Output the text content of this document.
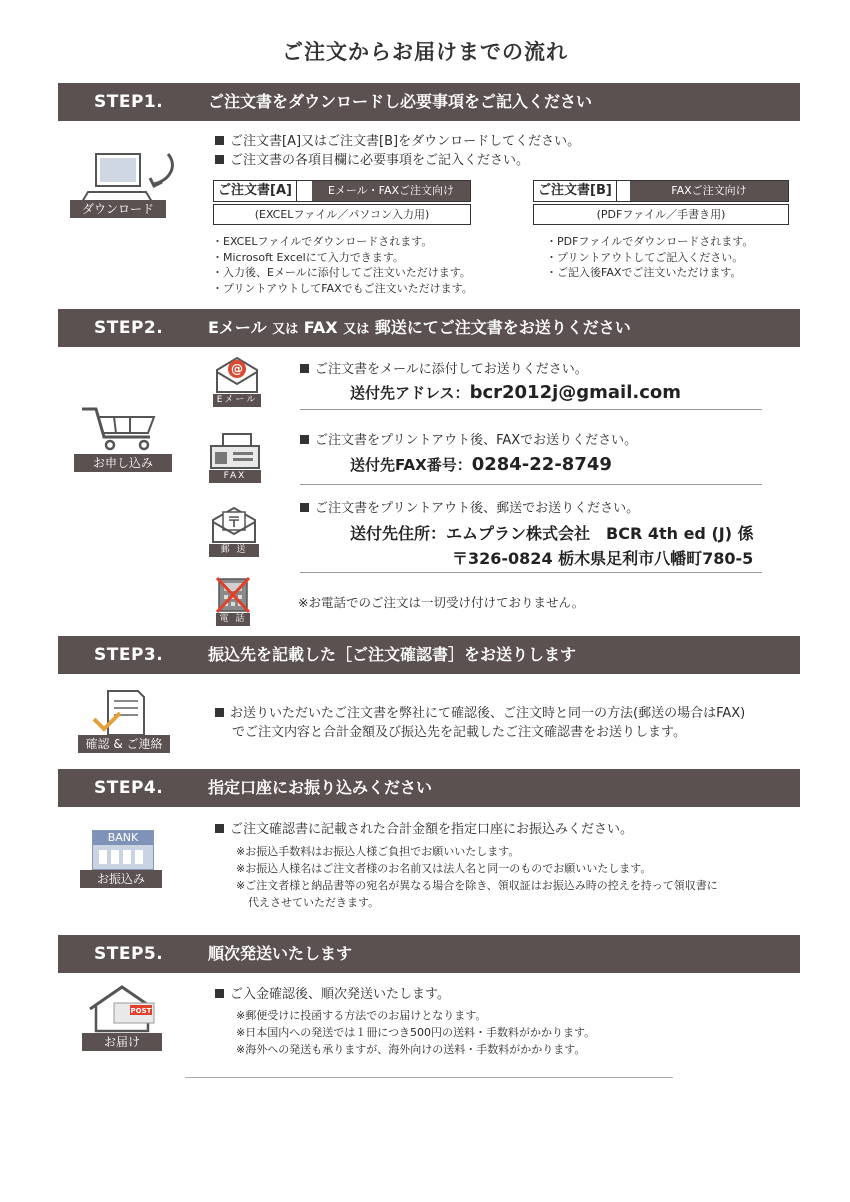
ご注文からお届けまでの流れ
STEP1.	ご注文書をダウンロードし必要事項をご記入ください
ダウンロード
ご注文書[A]又はご注文書[B]をダウンロードしてください。
ご注文書の各項目欄に必要事項をご記入ください。
ご注文書[A]	Eメール・FAXご注文向け
(EXCELファイル／パソコン入力用)
・EXCELファイルでダウンロードされます。
・Microsoft Excelにて入力できます。
・入力後、Eメールに添付してご注文いただけます。
・プリントアウトしてFAXでもご注文いただけます。
ご注文書[B]	FAXご注文向け
(PDFファイル／手書き用)
・PDFファイルでダウンロードされます。
・プリントアウトしてご記入ください。
・ご記入後FAXでご注文いただけます。
STEP2.	Eメール 又は FAX 又は 郵送にてご注文書をお送りください
お申し込み
@
Eメール
ご注文書をメールに添付してお送りください。
送付先アドレス：bcr2012j@gmail.com
FAX
ご注文書をプリントアウト後、FAXでお送りください。
送付先FAX番号：0284-22-8749
〒
郵 送
ご注文書をプリントアウト後、郵送でお送りください。
送付先住所：エムプラン株式会社　BCR 4th ed (J) 係
〒326-0824 栃木県足利市八幡町780-5
電 話
※お電話でのご注文は一切受け付けておりません。
STEP3.	振込先を記載した［ご注文確認書］をお送りします
確認 & ご連絡
お送りいただいたご注文書を弊社にて確認後、ご注文時と同一の方法(郵送の場合はFAX)
でご注文内容と合計金額及び振込先を記載したご注文確認書をお送りします。
STEP4.	指定口座にお振り込みください
BANK
お振込み
ご注文確認書に記載された合計金額を指定口座にお振込みください。
※お振込手数料はお振込人様ご負担でお願いいたします。
※お振込人様名はご注文者様のお名前又は法人名と同一のものでお願いいたします。
※ご注文者様と納品書等の宛名が異なる場合を除き、領収証はお振込み時の控えを持って領収書に
代えさせていただきます。
STEP5.	順次発送いたします
POST
お届け
ご入金確認後、順次発送いたします。
※郵便受けに投函する方法でのお届けとなります。
※日本国内への発送では１冊につき500円の送料・手数料がかかります。
※海外への発送も承りますが、海外向けの送料・手数料がかかります。
